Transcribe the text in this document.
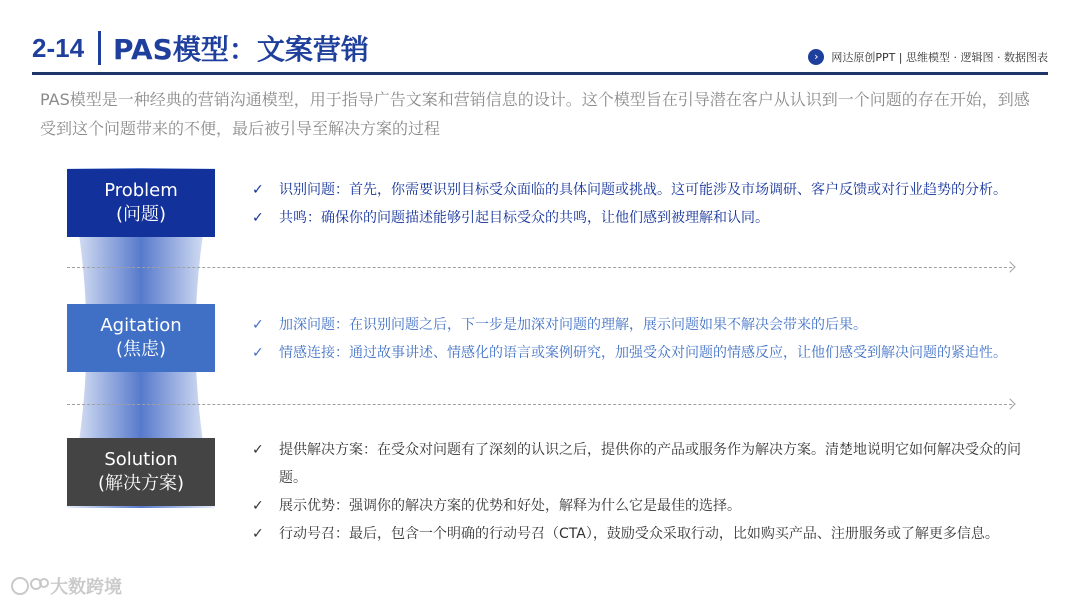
2-14 PAS模型：文案营销	›	网达原创PPT | 思维模型 · 逻辑图 · 数据图表
PAS模型是一种经典的营销沟通模型，用于指导广告文案和营销信息的设计。这个模型旨在引导潜在客户从认识到一个问题的存在开始，到感受到这个问题带来的不便，最后被引导至解决方案的过程
Problem
(问题)
Agitation
(焦虑)
Solution
(解决方案)
✓ 识别问题：首先，你需要识别目标受众面临的具体问题或挑战。这可能涉及市场调研、客户反馈或对行业趋势的分析。
✓ 共鸣：确保你的问题描述能够引起目标受众的共鸣，让他们感到被理解和认同。
✓ 加深问题：在识别问题之后，下一步是加深对问题的理解，展示问题如果不解决会带来的后果。
✓ 情感连接：通过故事讲述、情感化的语言或案例研究，加强受众对问题的情感反应，让他们感受到解决问题的紧迫性。
✓ 提供解决方案：在受众对问题有了深刻的认识之后，提供你的产品或服务作为解决方案。清楚地说明它如何解决受众的问题。
✓ 展示优势：强调你的解决方案的优势和好处，解释为什么它是最佳的选择。
✓ 行动号召：最后，包含一个明确的行动号召（CTA），鼓励受众采取行动，比如购买产品、注册服务或了解更多信息。
大数跨境
